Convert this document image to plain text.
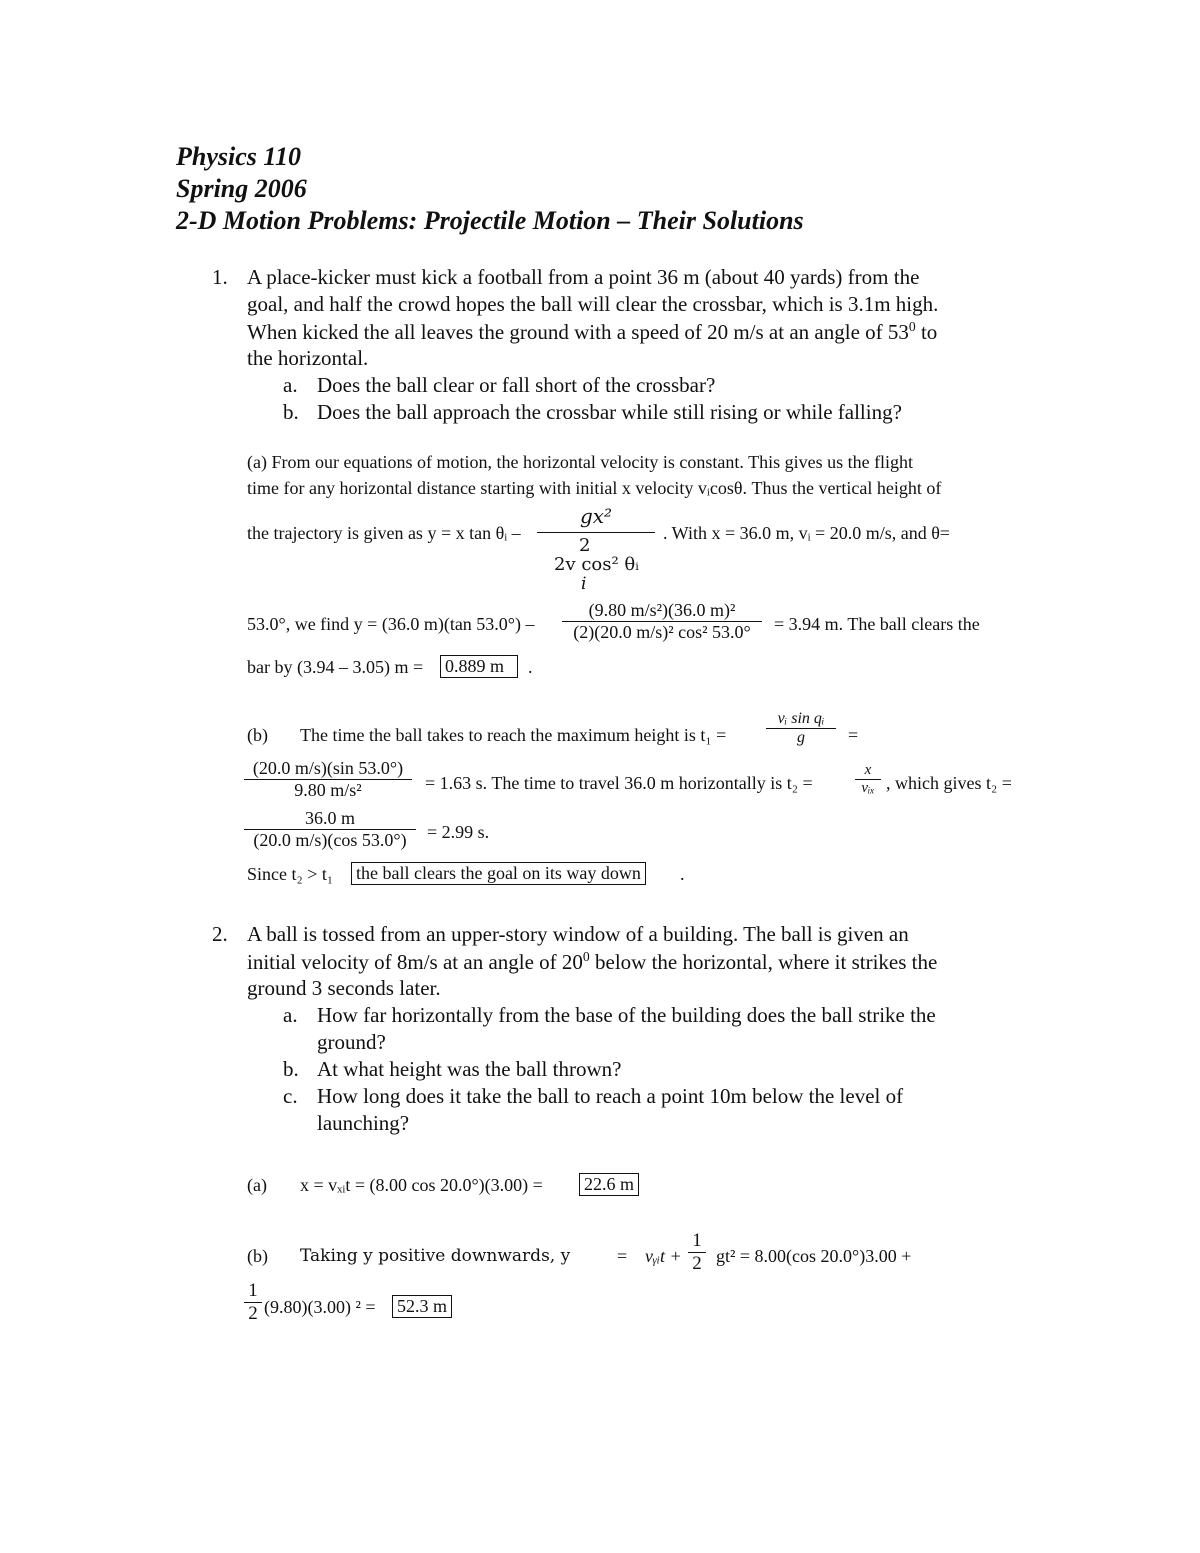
Physics 110
Spring 2006
2-D Motion Problems: Projectile Motion – Their Solutions
1. A place-kicker must kick a football from a point 36 m (about 40 yards) from the
goal, and half the crowd hopes the ball will clear the crossbar, which is 3.1m high.
When kicked the all leaves the ground with a speed of 20 m/s at an angle of $53^0$ to
the horizontal.
a. Does the ball clear or fall short of the crossbar?
b. Does the ball approach the crossbar while still rising or while falling?
(a) From our equations of motion, the horizontal velocity is constant. This gives us the flight
time for any horizontal distance starting with initial x velocity vᵢcosθ. Thus the vertical height of
the trajectory is given as y = x tan θᵢ –
gx²
2
2v cos² θᵢ
i
. With x = 36.0 m, vᵢ = 20.0 m/s, and θ=
53.0°, we find y = (36.0 m)(tan $53.0^\circ) - \frac{\text{(9.80 m/s²)(36.0 m)²}}{\text{(2)(20.0 m/s)² cos² 53.0°}} = 3.94$ m. The ball clears the
bar by (3.94 – 3.05) m = 0.889 m	.
(b) The time the ball takes to reach the maximum height is $t_1 = \frac{\text{vᵢ sin qᵢ}}{g}$ =
$\frac{(20.0 m/s)(\sin 53.0^\circ)}{\text{9.80 m/s²}} = 1.63$ s. The time to travel 36.0 m horizontally is t₂ =
x
vᵢₓ , which gives t₂ =
$\frac{36.0 m}{(20.0 m/s)(\cos 53.0^\circ)} = 2.99$ s.
Since t₂ > t₁ the ball clears the goal on its way down .
2. A ball is tossed from an upper-story window of a building. The ball is given an
initial velocity of 8m/s at an angle of $20^0$ below the horizontal, where it strikes the
ground 3 seconds later.
a. How far horizontally from the base of the building does the ball strike the
ground?
b. At what height was the ball thrown?
c. How long does it take the ball to reach a point 10m below the level of
launching?
(a) x = vₓᵢt = (8.00 cos 20.0°)(3.00) = 22.6 m
(b) Taking y positive downwards, y	= vᵧᵢt + $\frac{1}{2} gt^2 = 8.00(\cos$ 20.0°)3.00 +
$\frac{1}{2} (9.80)(3.00) ^2 = 52.3$ m
